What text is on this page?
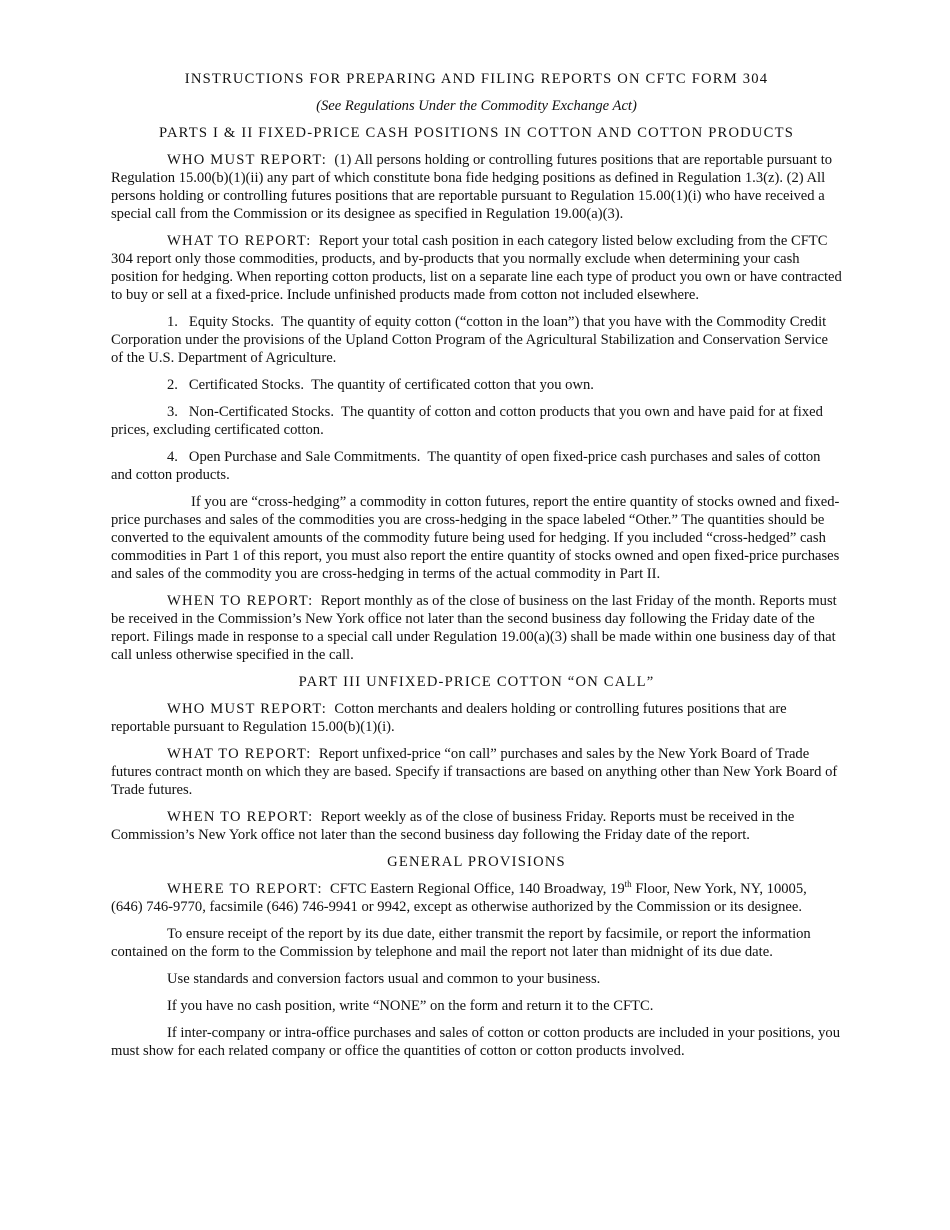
INSTRUCTIONS FOR PREPARING AND FILING REPORTS ON CFTC FORM 304
(See Regulations Under the Commodity Exchange Act)
PARTS I & II FIXED-PRICE CASH POSITIONS IN COTTON AND COTTON PRODUCTS

WHO MUST REPORT: (1) All persons holding or controlling futures positions that are reportable pursuant to Regulation 15.00(b)(1)(ii) any part of which constitute bona fide hedging positions as defined in Regulation 1.3(z). (2) All persons holding or controlling futures positions that are reportable pursuant to Regulation 15.00(1)(i) who have received a special call from the Commission or its designee as specified in Regulation 19.00(a)(3).

WHAT TO REPORT: Report your total cash position in each category listed below excluding from the CFTC 304 report only those commodities, products, and by-products that you normally exclude when determining your cash position for hedging. When reporting cotton products, list on a separate line each type of product you own or have contracted to buy or sell at a fixed-price. Include unfinished products made from cotton not included elsewhere.

1. Equity Stocks. The quantity of equity cotton (“cotton in the loan”) that you have with the Commodity Credit Corporation under the provisions of the Upland Cotton Program of the Agricultural Stabilization and Conservation Service of the U.S. Department of Agriculture.

2. Certificated Stocks. The quantity of certificated cotton that you own.

3. Non-Certificated Stocks. The quantity of cotton and cotton products that you own and have paid for at fixed prices, excluding certificated cotton.

4. Open Purchase and Sale Commitments. The quantity of open fixed-price cash purchases and sales of cotton and cotton products.

If you are “cross-hedging” a commodity in cotton futures, report the entire quantity of stocks owned and fixed-price purchases and sales of the commodities you are cross-hedging in the space labeled “Other.” The quantities should be converted to the equivalent amounts of the commodity future being used for hedging. If you included “cross-hedged” cash commodities in Part 1 of this report, you must also report the entire quantity of stocks owned and open fixed-price purchases and sales of the commodity you are cross-hedging in terms of the actual commodity in Part II.

WHEN TO REPORT: Report monthly as of the close of business on the last Friday of the month. Reports must be received in the Commission’s New York office not later than the second business day following the Friday date of the report. Filings made in response to a special call under Regulation 19.00(a)(3) shall be made within one business day of that call unless otherwise specified in the call.

PART III UNFIXED-PRICE COTTON “ON CALL”

WHO MUST REPORT: Cotton merchants and dealers holding or controlling futures positions that are reportable pursuant to Regulation 15.00(b)(1)(i).

WHAT TO REPORT: Report unfixed-price “on call” purchases and sales by the New York Board of Trade futures contract month on which they are based. Specify if transactions are based on anything other than New York Board of Trade futures.

WHEN TO REPORT: Report weekly as of the close of business Friday. Reports must be received in the Commission’s New York office not later than the second business day following the Friday date of the report.

GENERAL PROVISIONS

WHERE TO REPORT: CFTC Eastern Regional Office, 140 Broadway, 19th Floor, New York, NY, 10005, (646) 746-9770, facsimile (646) 746-9941 or 9942, except as otherwise authorized by the Commission or its designee.

To ensure receipt of the report by its due date, either transmit the report by facsimile, or report the information contained on the form to the Commission by telephone and mail the report not later than midnight of its due date.

Use standards and conversion factors usual and common to your business.

If you have no cash position, write “NONE” on the form and return it to the CFTC.

If inter-company or intra-office purchases and sales of cotton or cotton products are included in your positions, you must show for each related company or office the quantities of cotton or cotton products involved.
